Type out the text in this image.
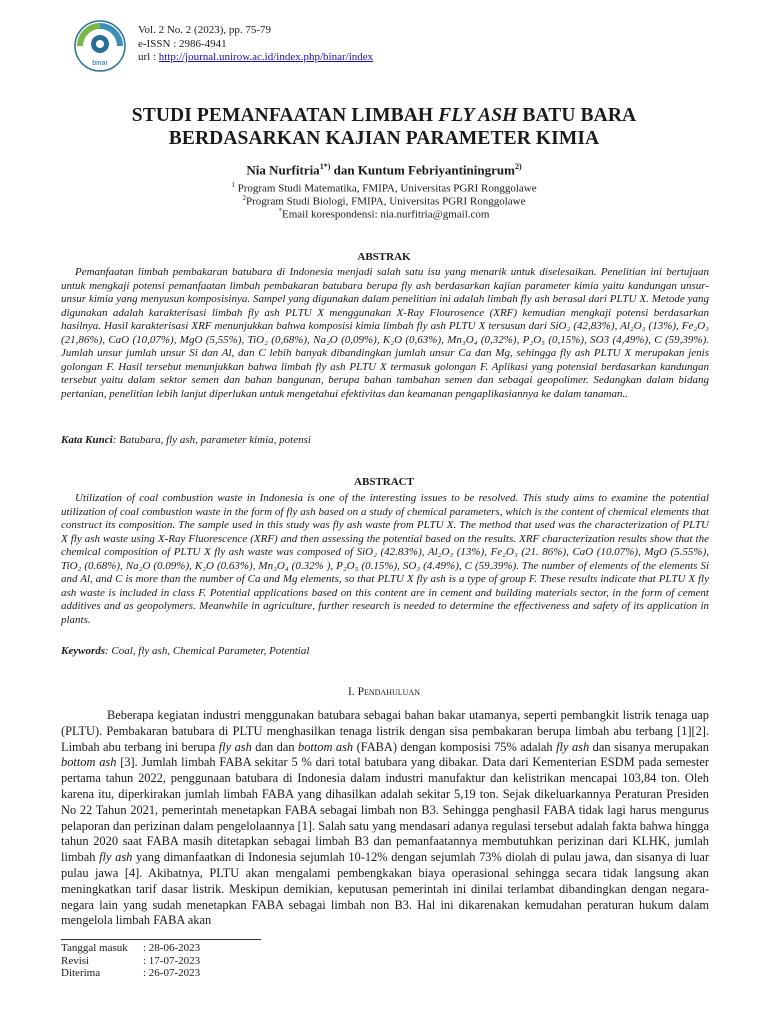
binar
Vol. 2 No. 2 (2023), pp. 75-79
e-ISSN : 2986-4941
url : http://journal.unirow.ac.id/index.php/binar/index
STUDI PEMANFAATAN LIMBAH FLY ASH BATU BARA
BERDASARKAN KAJIAN PARAMETER KIMIA
Nia Nurfitria$^{1*)}$ dan Kuntum Febriyantiningrum$^{2)}$
$^1$ Program Studi Matematika, FMIPA, Universitas PGRI Ronggolawe
$^2$Program Studi Biologi, FMIPA, Universitas PGRI Ronggolawe
*Email korespondensi: nia.nurfitria@gmail.com
ABSTRAK
Pemanfaatan limbah pembakaran batubara di Indonesia menjadi salah satu isu yang menarik untuk diselesaikan. Penelitian ini bertujuan untuk mengkaji potensi pemanfaatan limbah pembakaran batubara berupa fly ash berdasarkan kajian parameter kimia yaitu kandungan unsur-unsur kimia yang menyusun komposisinya. Sampel yang digunakan dalam penelitian ini adalah limbah fly ash berasal dari PLTU X. Metode yang digunakan adalah karakterisasi limbah fly ash PLTU X menggunakan X-Ray Flourosence (XRF) kemudian mengkaji potensi berdasarkan hasilnya. Hasil karakterisasi XRF menunjukkan bahwa komposisi kimia limbah fly ash PLTU X tersusun dari SiO₂ (42,83%), Al₂O₃ (13%), Fe₂O₃ (21,86%), CaO (10,07%), MgO (5,55%), TiO₂ (0,68%), Na₂O (0,09%), K₂O (0,63%), Mn₃O₄ (0,32%), P₂O₅ (0,15%), SO3 (4,49%), C (59,39%). Jumlah unsur jumlah unsur Si dan Al, dan C lebih banyak dibandingkan jumlah unsur Ca dan Mg, sehingga fly ash PLTU X merupakan jenis golongan F. Hasil tersebut menunjukkan bahwa limbah fly ash PLTU X termasuk golongan F. Aplikasi yang potensial berdasarkan kandungan tersebut yaitu dalam sektor semen dan bahan bangunan, berupa bahan tambahan semen dan sebagai geopolimer. Sedangkan dalam bidang pertanian, penelitian lebih lanjut diperlukan untuk mengetahui efektivitas dan keamanan pengaplikasiannya ke dalam tanaman..
Kata Kunci: Batubara, fly ash, parameter kimia, potensi
ABSTRACT
Utilization of coal combustion waste in Indonesia is one of the interesting issues to be resolved. This study aims to examine the potential utilization of coal combustion waste in the form of fly ash based on a study of chemical parameters, which is the content of chemical elements that construct its composition. The sample used in this study was fly ash waste from PLTU X. The method that used was the characterization of PLTU X fly ash waste using X-Ray Fluorescence (XRF) and then assessing the potential based on the results. XRF characterization results show that the chemical composition of PLTU X fly ash waste was composed of SiO₂ (42.83%), Al₂O₃ (13%), Fe₂O₃ (21. 86%), CaO (10.07%), MgO (5.55%), TiO₂ (0.68%), Na₂O (0.09%), K₂O (0.63%), Mn₃O₄ (0.32% ), P₂O₅ (0.15%), SO₃ (4.49%), C (59.39%). The number of elements of the elements Si and Al, and C is more than the number of Ca and Mg elements, so that PLTU X fly ash is a type of group F. These results indicate that PLTU X fly ash waste is included in class F. Potential applications based on this content are in cement and building materials sector, in the form of cement additives and as geopolymers. Meanwhile in agriculture, further research is needed to determine the effectiveness and safety of its application in plants.
Keywords: Coal, fly ash, Chemical Parameter, Potential
I. Pendahuluan
Beberapa kegiatan industri menggunakan batubara sebagai bahan bakar utamanya, seperti pembangkit listrik tenaga uap (PLTU). Pembakaran batubara di PLTU menghasilkan tenaga listrik dengan sisa pembakaran berupa limbah abu terbang [1][2]. Limbah abu terbang ini berupa fly ash dan dan bottom ash (FABA) dengan komposisi 75% adalah fly ash dan sisanya merupakan bottom ash [3]. Jumlah limbah FABA sekitar 5 % dari total batubara yang dibakar. Data dari Kementerian ESDM pada semester pertama tahun 2022, penggunaan batubara di Indonesia dalam industri manufaktur dan kelistrikan mencapai 103,84 ton. Oleh karena itu, diperkirakan jumlah limbah FABA yang dihasilkan adalah sekitar 5,19 ton. Sejak dikeluarkannya Peraturan Presiden No 22 Tahun 2021, pemerintah menetapkan FABA sebagai limbah non B3. Sehingga penghasil FABA tidak lagi harus mengurus pelaporan dan perizinan dalam pengelolaannya [1]. Salah satu yang mendasari adanya regulasi tersebut adalah fakta bahwa hingga tahun 2020 saat FABA masih ditetapkan sebagai limbah B3 dan pemanfaatannya membutuhkan perizinan dari KLHK, jumlah limbah fly ash yang dimanfaatkan di Indonesia sejumlah 10-12% dengan sejumlah 73% diolah di pulau jawa, dan sisanya di luar pulau jawa [4]. Akibatnya, PLTU akan mengalami pembengkakan biaya operasional sehingga secara tidak langsung akan meningkatkan tarif dasar listrik. Meskipun demikian, keputusan pemerintah ini dinilai terlambat dibandingkan dengan negara-negara lain yang sudah menetapkan FABA sebagai limbah non B3. Hal ini dikarenakan kemudahan peraturan hukum dalam mengelola limbah FABA akan
Tanggal masuk	: 28-06-2023
Revisi	: 17-07-2023
Diterima	: 26-07-2023
